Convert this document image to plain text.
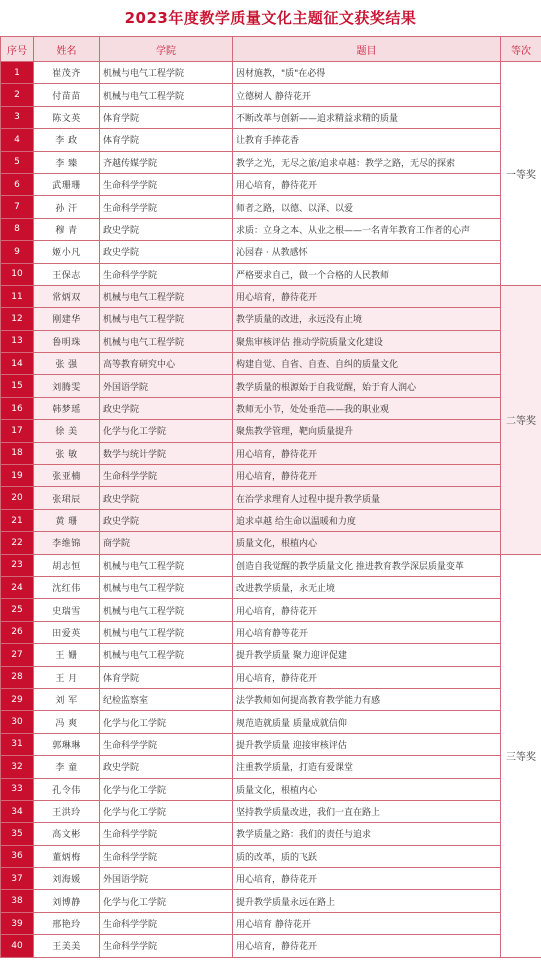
2023年度教学质量文化主题征文获奖结果
序号	姓名	学院	题目	等次
1	崔茂齐	机械与电气工程学院	因材施教，"质"在必得	一等奖
2	付苗苗	机械与电气工程学院	立德树人 静待花开	
3	陈文英	体育学院	不断改革与创新——追求精益求精的质量	
4	李 政	体育学院	让教育手捧花香	
5	李 臻	齐越传媒学院	教学之光，无尽之旅/追求卓越：教学之路，无尽的探索	
6	武珊珊	生命科学学院	用心培育，静待花开	
7	孙 汗	生命科学学院	师者之路，以德、以泽、以爱	
8	穆 青	政史学院	求质：立身之本、从业之根——一名青年教育工作者的心声	
9	姬小凡	政史学院	沁园春 · 从教感怀	
10	王保志	生命科学学院	严格要求自己，做一个合格的人民教师	
11	常炳双	机械与电气工程学院	用心培育，静待花开	二等奖
12	刚建华	机械与电气工程学院	教学质量的改进，永远没有止境	
13	鲁明珠	机械与电气工程学院	聚焦审核评估 推动学院质量文化建设	
14	张 强	高等教育研究中心	构建自觉、自省、自查、自纠的质量文化	
15	刘腾雯	外国语学院	教学质量的根源始于自我觉醒，始于育人润心	
16	韩梦瑶	政史学院	教师无小节，处处垂范——我的职业观	
17	徐 美	化学与化工学院	聚焦教学管理，靶向质量提升	
18	张 敏	数学与统计学院	用心培育，静待花开	
19	张亚楠	生命科学学院	用心培育，静待花开	
20	张珺辰	政史学院	在治学求理育人过程中提升教学质量	
21	黄 珊	政史学院	追求卓越 给生命以温暖和力度	
22	李维锦	商学院	质量文化，根植内心	
23	胡志恒	机械与电气工程学院	创造自我觉醒的教学质量文化 推进教育教学深层质量变革	三等奖
24	沈红伟	机械与电气工程学院	改进教学质量，永无止境	
25	史瑞雪	机械与电气工程学院	用心培育，静待花开	
26	田爱英	机械与电气工程学院	用心培育静等花开	
27	王 姗	机械与电气工程学院	提升教学质量 聚力迎评促建	
28	王 月	体育学院	用心培育，静待花开	
29	刘 军	纪检监察室	法学教师如何提高教育教学能力有感	
30	冯 爽	化学与化工学院	规范造就质量 质量成就信仰	
31	郭琳琳	生命科学学院	提升教学质量 迎接审核评估	
32	李 童	政史学院	注重教学质量，打造有爱课堂	
33	孔令伟	化学与化工学院	质量文化，根植内心	
34	王洪玲	化学与化工学院	坚持教学质量改进，我们一直在路上	
35	高文彬	生命科学学院	教学质量之路：我们的责任与追求	
36	董炳梅	生命科学学院	质的改革，质的飞跃	
37	刘海媛	外国语学院	用心培育，静待花开	
38	刘博静	化学与化工学院	提升教学质量永远在路上	
39	邢艳玲	生命科学学院	用心培育 静待花开	
40	王美美	生命科学学院	用心培育，静待花开	
